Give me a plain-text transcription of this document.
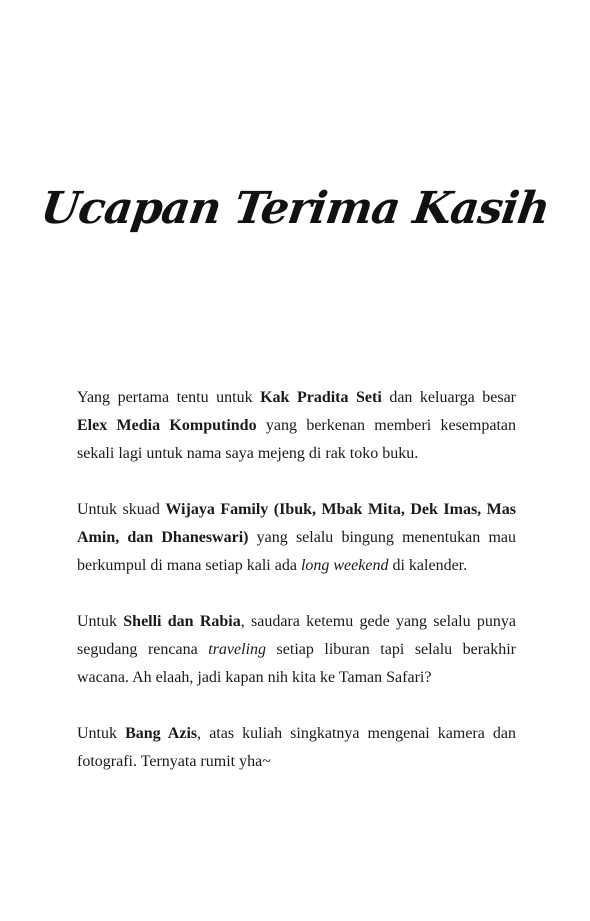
Ucapan Terima Kasih

Yang pertama tentu untuk Kak Pradita Seti dan keluarga besar Elex Media Komputindo yang berkenan memberi kesempatan sekali lagi untuk nama saya mejeng di rak toko buku.

Untuk skuad Wijaya Family (Ibuk, Mbak Mita, Dek Imas, Mas Amin, dan Dhaneswari) yang selalu bingung menentukan mau berkumpul di mana setiap kali ada long weekend di kalender.

Untuk Shelli dan Rabia, saudara ketemu gede yang selalu punya segudang rencana traveling setiap liburan tapi selalu berakhir wacana. Ah elaah, jadi kapan nih kita ke Taman Safari?

Untuk Bang Azis, atas kuliah singkatnya mengenai kamera dan fotografi. Ternyata rumit yha~
